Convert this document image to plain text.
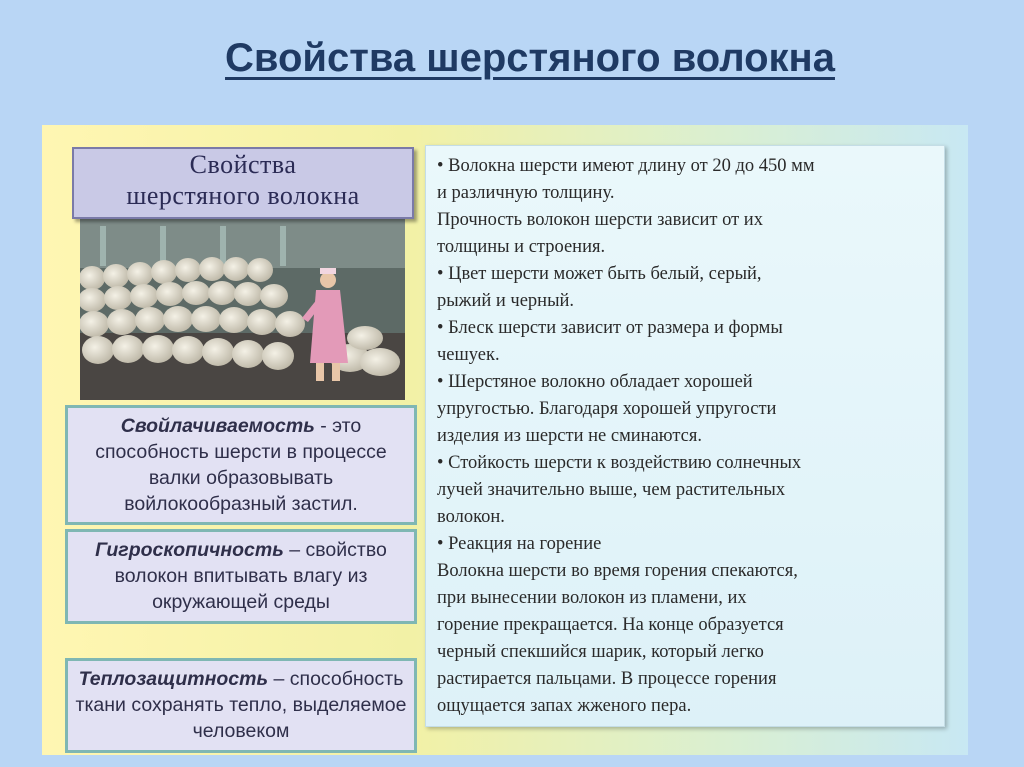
Свойства шерстяного волокна
Свойства
шерстяного волокна
Свойлачиваемость - это способность шерсти в процессе валки образовывать войлокообразный застил.
Гигроскопичность – свойство волокон впитывать влагу из окружающей среды
Теплозащитность – способность ткани сохранять тепло, выделяемое человеком

• Волокна шерсти имеют длину от 20 до 450 мм
и различную толщину.
Прочность волокон шерсти зависит от их
толщины и строения.

• Цвет шерсти может быть белый, серый,
рыжий и черный.

• Блеск шерсти зависит от размера и формы
чешуек.

• Шерстяное волокно обладает хорошей
упругостью. Благодаря хорошей упругости
изделия из шерсти не сминаются.

• Стойкость шерсти к воздействию солнечных
лучей значительно выше, чем растительных
волокон.

• Реакция на горение
Волокна шерсти во время горения спекаются,
при вынесении волокон из пламени, их
горение прекращается. На конце образуется
черный спекшийся шарик, который легко
растирается пальцами. В процессе горения
ощущается запах жженого пера.
